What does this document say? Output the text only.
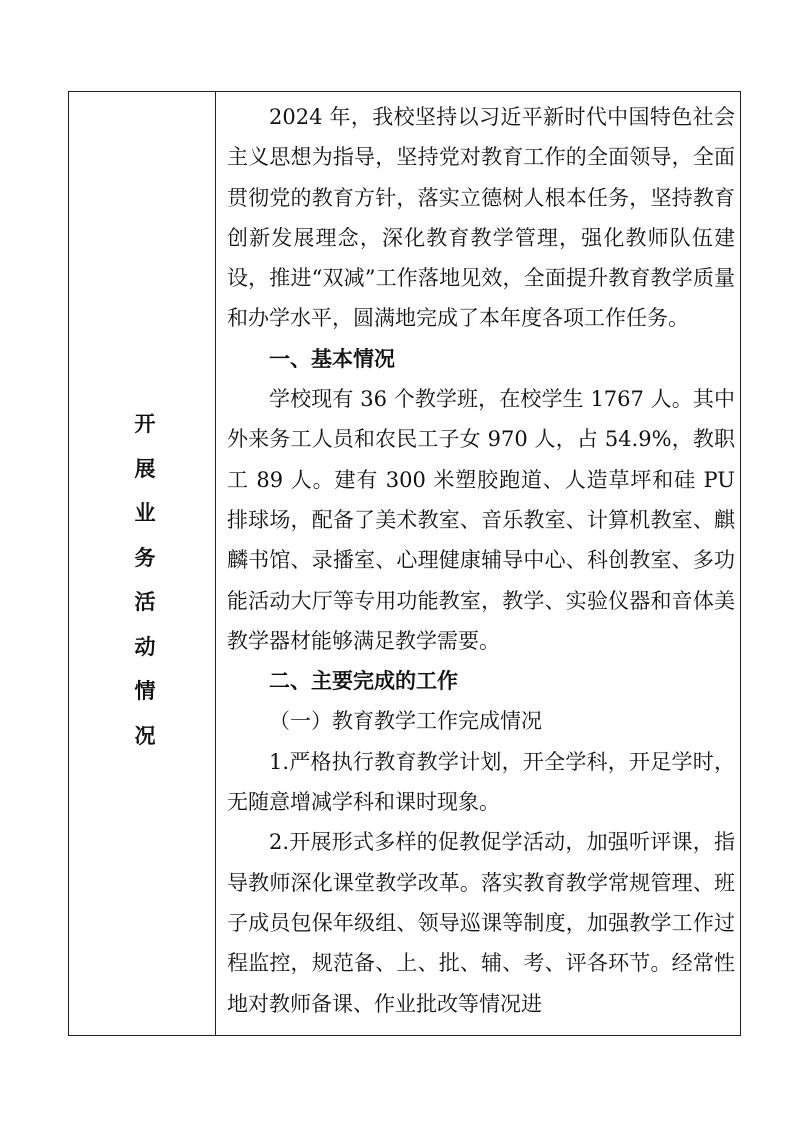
开
展
业
务
活
动
情
况

2024 年，我校坚持以习近平新时代中国特色社会主义思想为指导，坚持党对教育工作的全面领导，全面贯彻党的教育方针，落实立德树人根本任务，坚持教育创新发展理念，深化教育教学管理，强化教师队伍建设，推进“双减”工作落地见效，全面提升教育教学质量和办学水平，圆满地完成了本年度各项工作任务。

一、基本情况

学校现有 36 个教学班，在校学生 1767 人。其中外来务工人员和农民工子女 970 人，占 54.9%，教职工 89 人。建有 300 米塑胶跑道、人造草坪和硅 PU 排球场，配备了美术教室、音乐教室、计算机教室、麒麟书馆、录播室、心理健康辅导中心、科创教室、多功能活动大厅等专用功能教室，教学、实验仪器和音体美教学器材能够满足教学需要。

二、主要完成的工作

（一）教育教学工作完成情况

1.严格执行教育教学计划，开全学科，开足学时，无随意增减学科和课时现象。

2.开展形式多样的促教促学活动，加强听评课，指导教师深化课堂教学改革。落实教育教学常规管理、班子成员包保年级组、领导巡课等制度，加强教学工作过程监控，规范备、上、批、辅、考、评各环节。经常性地对教师备课、作业批改等情况进
